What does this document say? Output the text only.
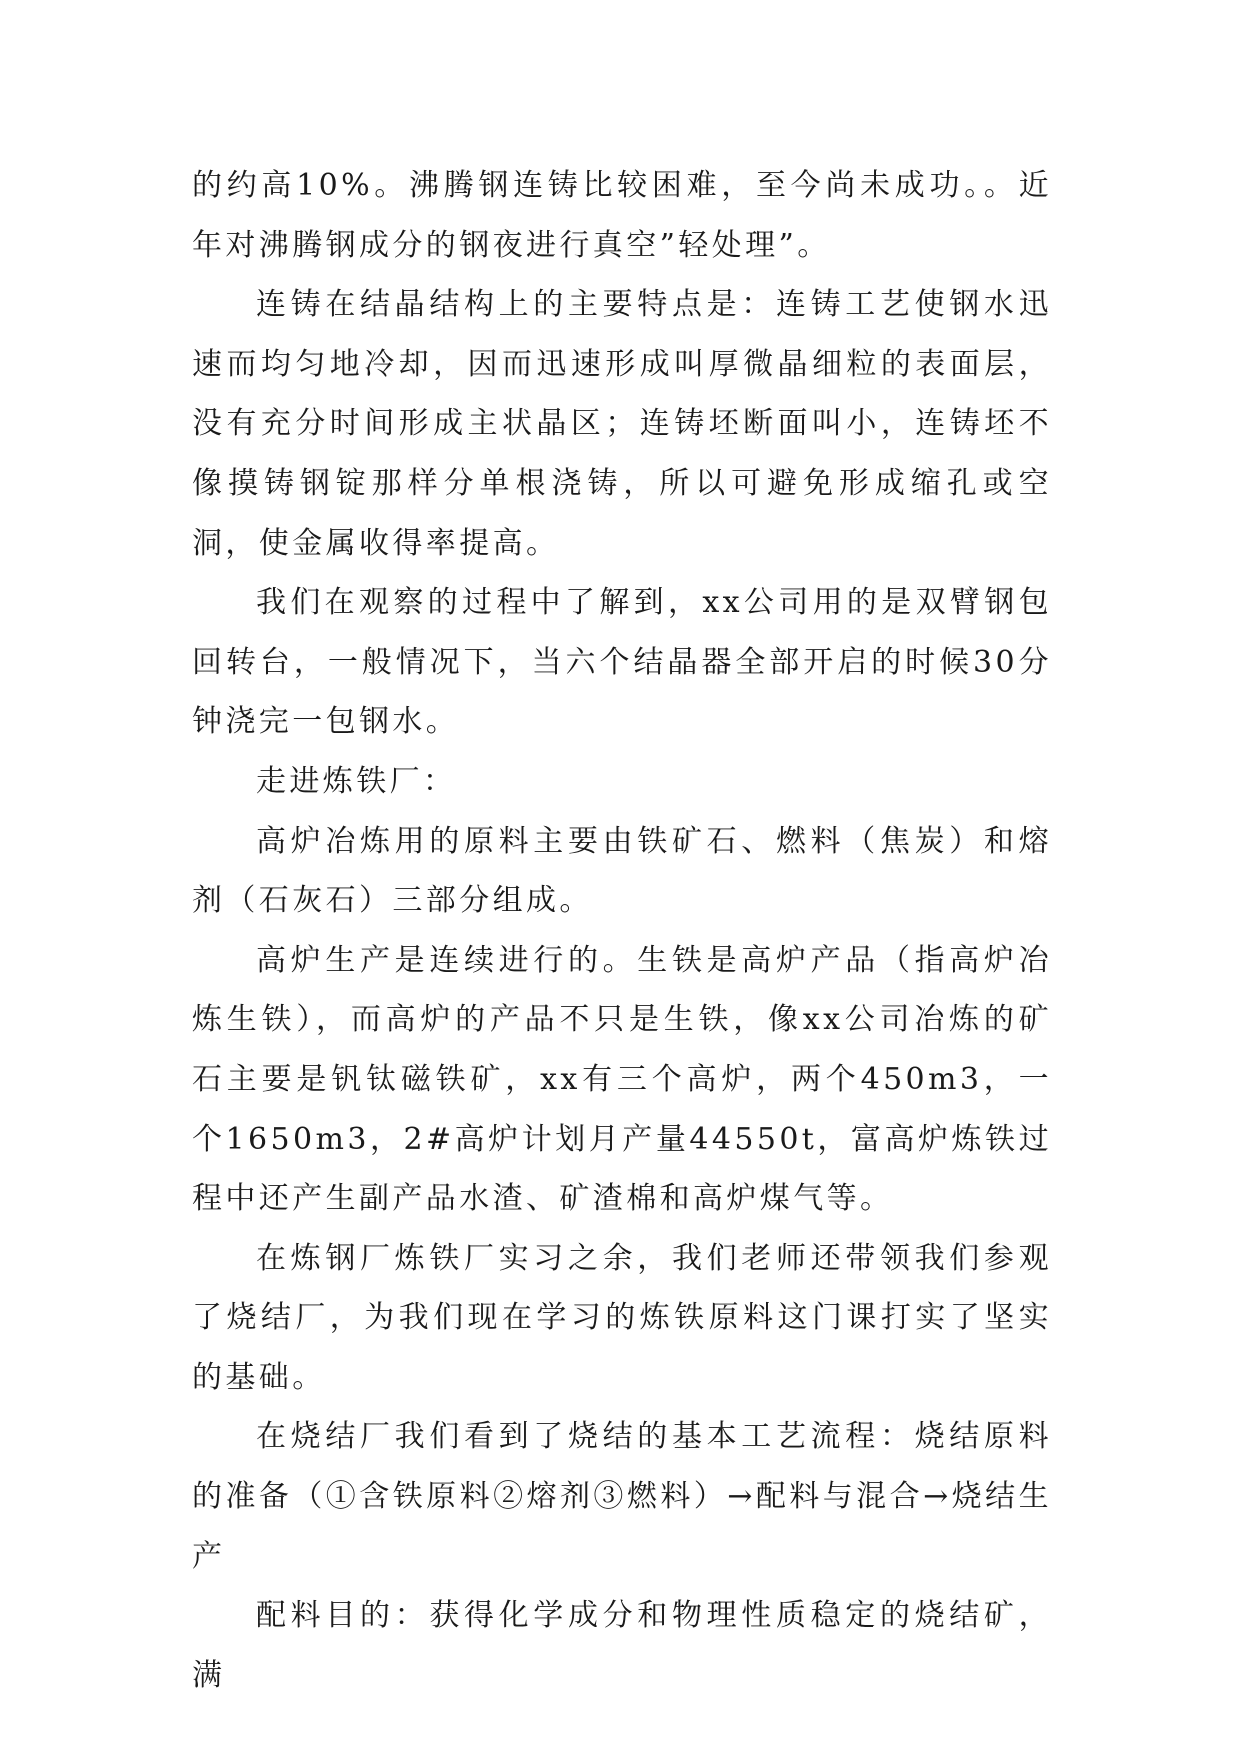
的约高10%。沸腾钢连铸比较困难，至今尚未成功。。近年对沸腾钢成分的钢夜进行真空”轻处理”。

连铸在结晶结构上的主要特点是：连铸工艺使钢水迅速而均匀地冷却，因而迅速形成叫厚微晶细粒的表面层，没有充分时间形成主状晶区；连铸坯断面叫小，连铸坯不像摸铸钢锭那样分单根浇铸，所以可避免形成缩孔或空洞，使金属收得率提高。

我们在观察的过程中了解到，xx公司用的是双臂钢包回转台，一般情况下，当六个结晶器全部开启的时候30分钟浇完一包钢水。

走进炼铁厂：

高炉冶炼用的原料主要由铁矿石、燃料（焦炭）和熔剂（石灰石）三部分组成。

高炉生产是连续进行的。生铁是高炉产品（指高炉冶炼生铁），而高炉的产品不只是生铁，像xx公司冶炼的矿石主要是钒钛磁铁矿，xx有三个高炉，两个450m3，一个1650m3，2#高炉计划月产量44550t，富高炉炼铁过程中还产生副产品水渣、矿渣棉和高炉煤气等。

在炼钢厂炼铁厂实习之余，我们老师还带领我们参观了烧结厂，为我们现在学习的炼铁原料这门课打实了坚实的基础。

在烧结厂我们看到了烧结的基本工艺流程：烧结原料的准备（①含铁原料②熔剂③燃料）→配料与混合→烧结生产

配料目的：获得化学成分和物理性质稳定的烧结矿，满
